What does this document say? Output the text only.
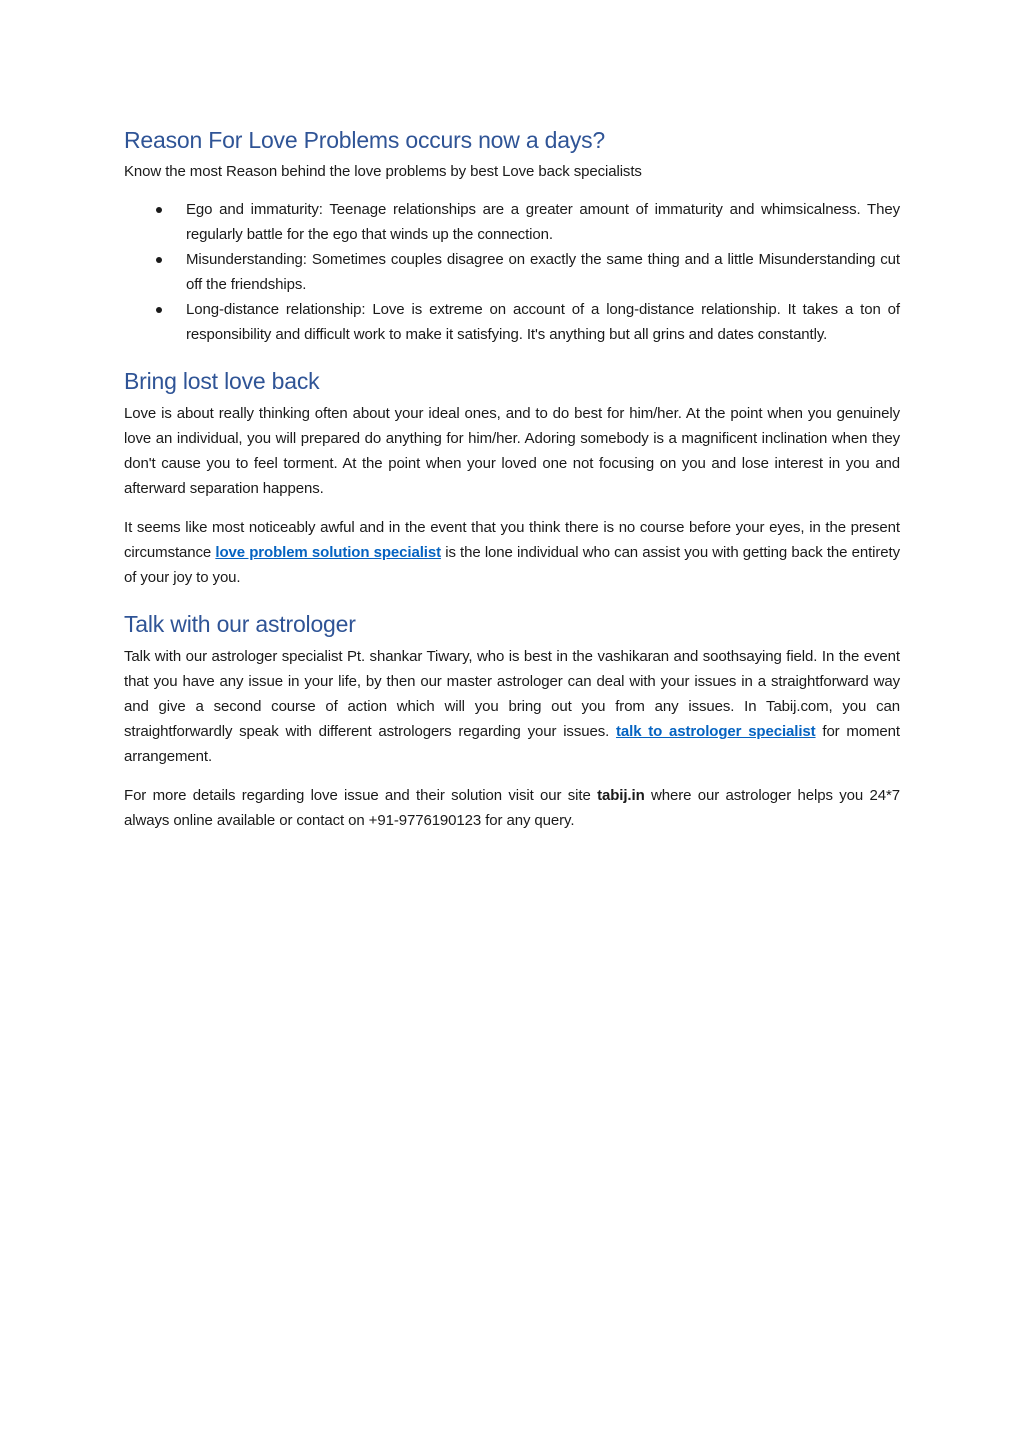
Reason For Love Problems occurs now a days?

Know the most Reason behind the love problems by best Love back specialists

Ego and immaturity: Teenage relationships are a greater amount of immaturity and whimsicalness. They regularly battle for the ego that winds up the connection.
Misunderstanding: Sometimes couples disagree on exactly the same thing and a little Misunderstanding cut off the friendships.
Long-distance relationship: Love is extreme on account of a long-distance relationship. It takes a ton of responsibility and difficult work to make it satisfying. It's anything but all grins and dates constantly.
Bring lost love back

Love is about really thinking often about your ideal ones, and to do best for him/her. At the point when you genuinely love an individual, you will prepared do anything for him/her. Adoring somebody is a magnificent inclination when they don't cause you to feel torment. At the point when your loved one not focusing on you and lose interest in you and afterward separation happens.

It seems like most noticeably awful and in the event that you think there is no course before your eyes, in the present circumstance love problem solution specialist is the lone individual who can assist you with getting back the entirety of your joy to you.

Talk with our astrologer

Talk with our astrologer specialist Pt. shankar Tiwary, who is best in the vashikaran and soothsaying field. In the event that you have any issue in your life, by then our master astrologer can deal with your issues in a straightforward way and give a second course of action which will you bring out you from any issues. In Tabij.com, you can straightforwardly speak with different astrologers regarding your issues. talk to astrologer specialist for moment arrangement.

For more details regarding love issue and their solution visit our site tabij.in where our astrologer helps you 24*7 always online available or contact on +91-9776190123 for any query.
